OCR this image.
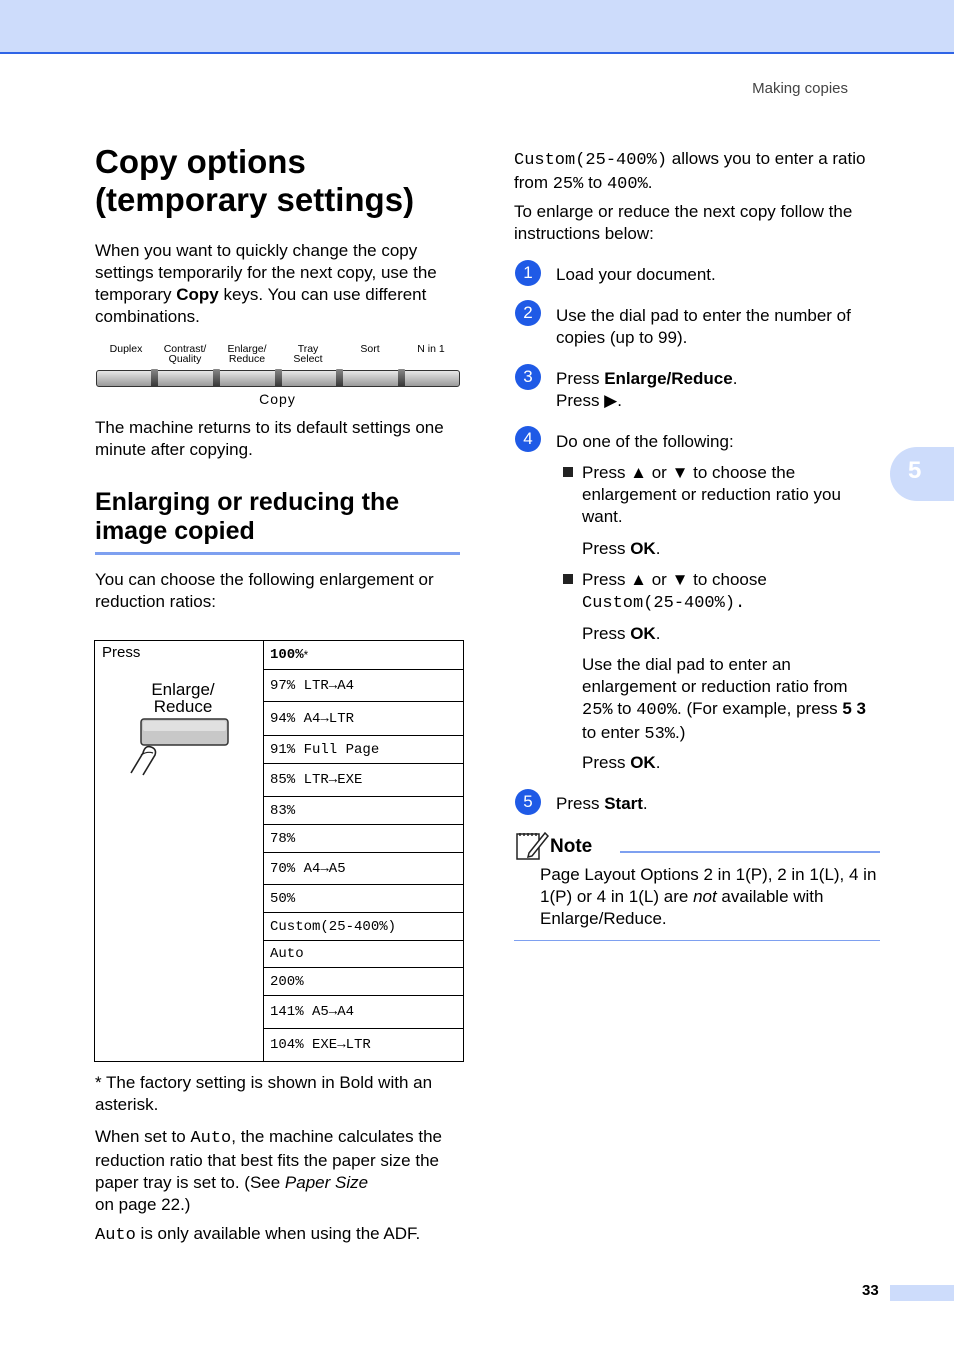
Making copies
5
Copy options
(temporary settings)
When you want to quickly change the copy settings temporarily for the next copy, use the temporary Copy keys. You can use different combinations.
Duplex	Contrast/
Quality
Enlarge/
Reduce
Tray
Select
Sort	N in 1
Copy
The machine returns to its default settings one minute after copying.
Enlarging or reducing the image copied
You can choose the following enlargement or reduction ratios:
Press
Enlarge/
Reduce
100% *
97% LTR→A4
94% A4→LTR
91% Full Page
85% LTR→EXE
83%
78%
70% A4→A5
50%
Custom(25-400%)
Auto
200%
141% A5→A4
104% EXE→LTR
* The factory setting is shown in Bold with an asterisk.
When set to Auto, the machine calculates the reduction ratio that best fits the paper size the paper tray is set to. (See Paper Size
on page 22.)
Auto is only available when using the ADF.
Custom(25-400%) allows you to enter a ratio from 25% to 400%.
To enlarge or reduce the next copy follow the instructions below:
1	Load your document.
2	Use the dial pad to enter the number of copies (up to 99).
3	Press Enlarge/Reduce.
Press ▶.
4	Do one of the following:
Press ▲ or ▼ to choose the enlargement or reduction ratio you want.
Press OK.
Press ▲ or ▼ to choose
Custom(25-400%).
Press OK.
Use the dial pad to enter an enlargement or reduction ratio from 25% to 400%. (For example, press 5 3 to enter 53%.)
Press OK.
5	Press Start.
Note
Page Layout Options 2 in 1(P), 2 in 1(L), 4 in 1(P) or 4 in 1(L) are not available with Enlarge/Reduce.
33
